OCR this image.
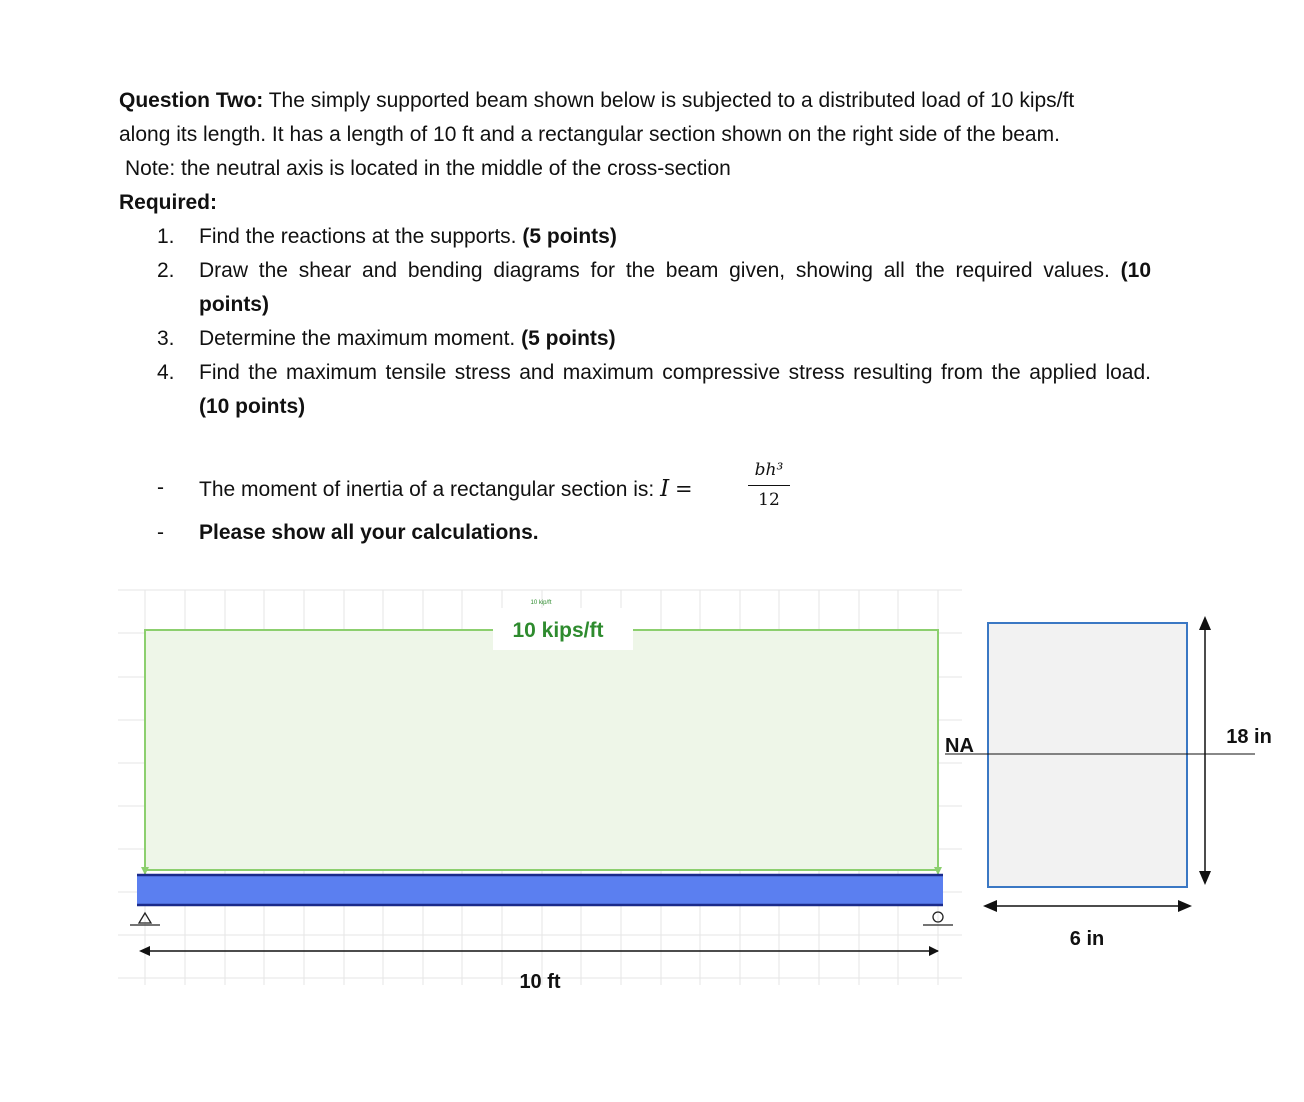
Question Two: The simply supported beam shown below is subjected to a distributed load of 10 kips/ft

along its length. It has a length of 10 ft and a rectangular section shown on the right side of the beam.

Note: the neutral axis is located in the middle of the cross-section

Required:

1. Find the reactions at the supports. (5 points)
2. Draw the shear and bending diagrams for the beam given, showing all the required values. (10 points)
3. Determine the maximum moment. (5 points)
4. Find the maximum tensile stress and maximum compressive stress resulting from the applied load. (10 points)
- The moment of inertia of a rectangular section is: I =
bh³
12
- Please show all your calculations.
10 kip/ft
10 kips/ft
10 ft
NA	18 in
6 in
